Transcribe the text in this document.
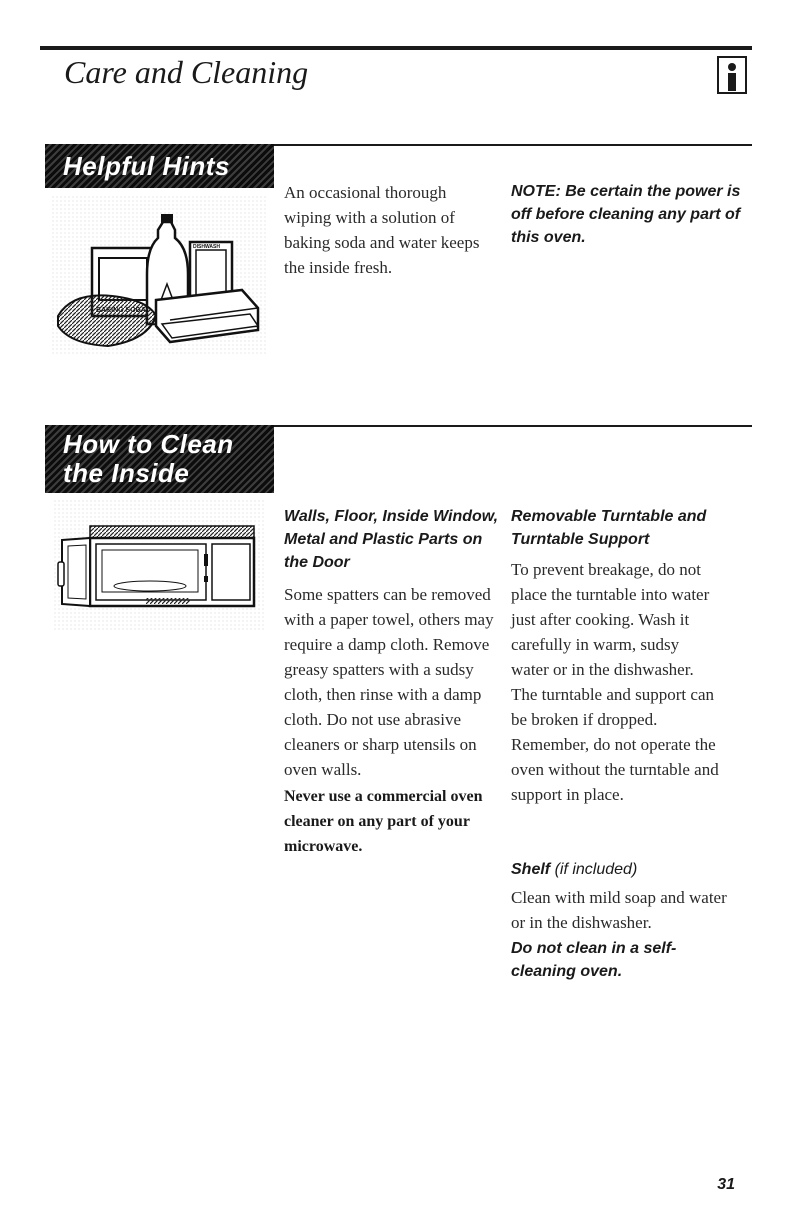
Care and Cleaning
Helpful Hints
DISHWASH
An occasional thorough wiping with a solution of baking soda and water keeps the inside fresh.
NOTE: Be certain the power is off before cleaning any part of this oven.
How to Clean
the Inside
Walls, Floor, Inside Window, Metal and Plastic Parts on the Door
Some spatters can be removed with a paper towel, others may require a damp cloth. Remove greasy spatters with a sudsy cloth, then rinse with a damp cloth. Do not use abrasive cleaners or sharp utensils on oven walls.
Never use a commercial oven cleaner on any part of your microwave.
Removable Turntable and Turntable Support
To prevent breakage, do not place the turntable into water just after cooking. Wash it carefully in warm, sudsy water or in the dishwasher. The turntable and support can be broken if dropped. Remember, do not operate the oven without the turntable and support in place.
Shelf (if included)
Clean with mild soap and water or in the dishwasher.
Do not clean in a self-cleaning oven.
31
